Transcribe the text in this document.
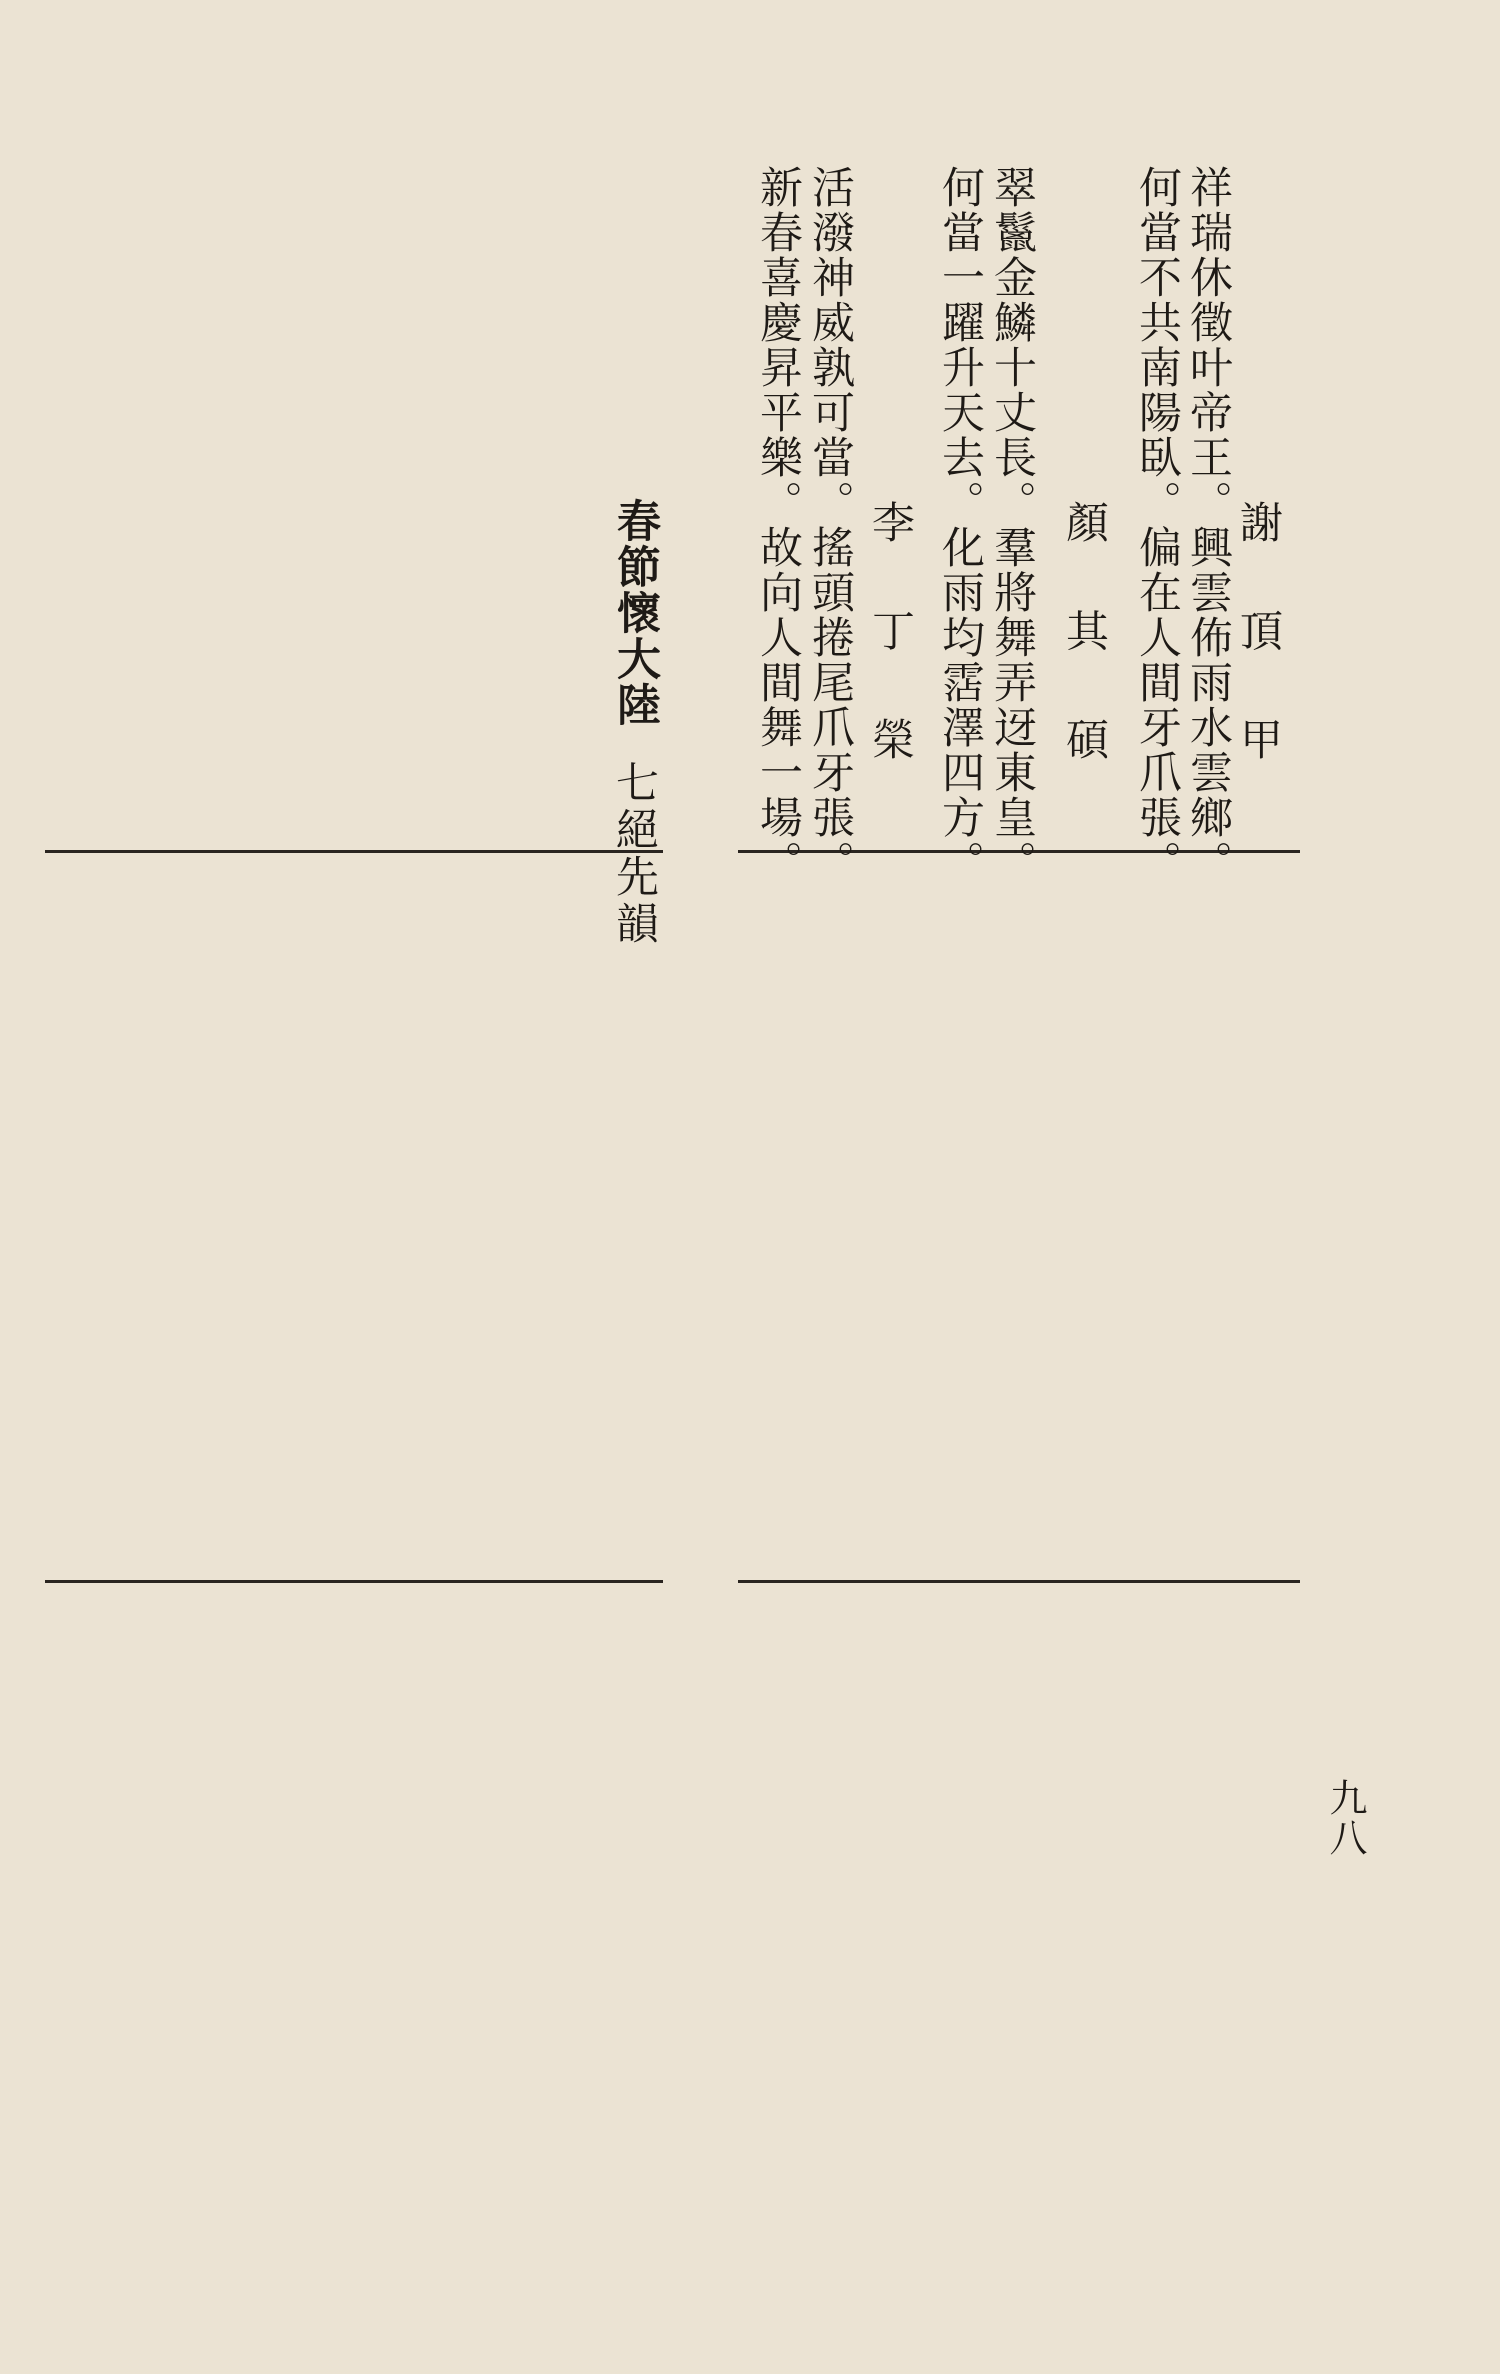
九八
謝 頂 甲
祥瑞休徵叶帝王。興雲佈雨水雲鄉。
何當不共南陽臥。偏在人間牙爪張。
顏 其 碩
翠鬣金鱗十丈長。羣將舞弄迓東皇。
何當一躍升天去。化雨均霑澤四方。
李 丁 榮
活潑神威孰可當。搖頭捲尾爪牙張。
新春喜慶昇平樂。故向人間舞一場。
春節懷大陸
七絕先韻
